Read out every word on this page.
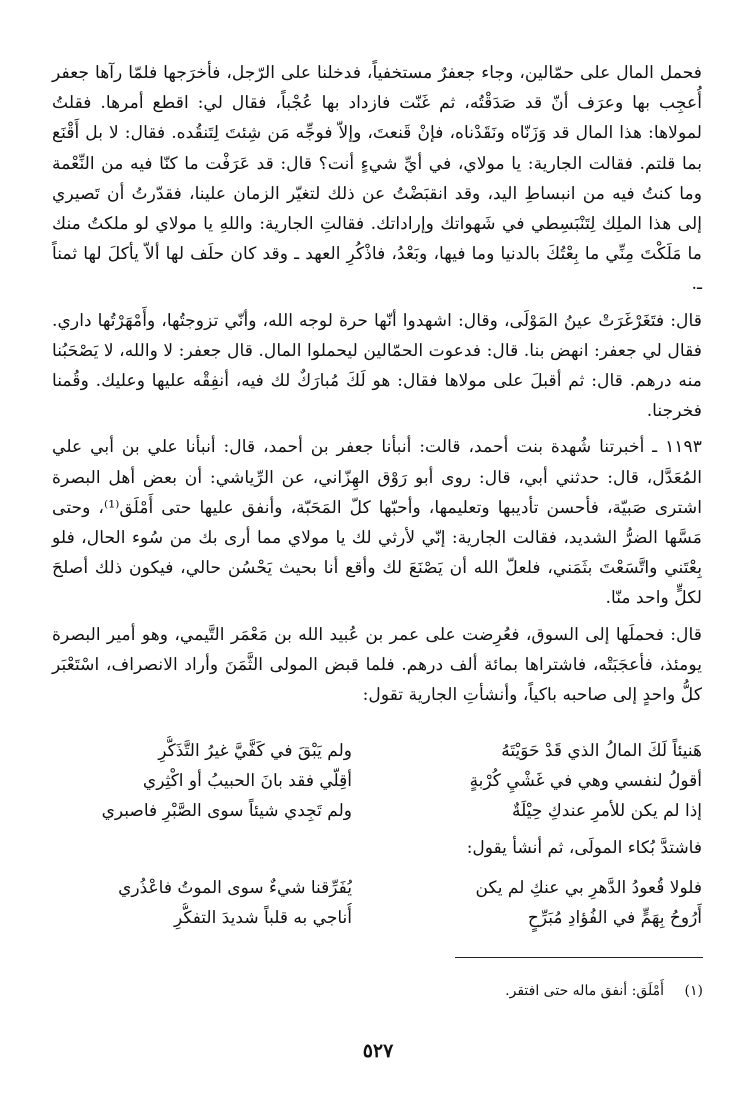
فحمل المال على حمّالين، وجاء جعفرٌ مستخفياً، فدخلنا على الرّجل، فأخرَجها فلمّا رآها جعفر أُعجِب بها وعرَف أنّ قد صَدَقْتُه، ثم غَنّت فازداد بها عُجْباً، فقال لي: اقطع أمرها. فقلتُ لمولاها: هذا المال قد وَزَنّاه ونَقَدْناه، فإنْ قَنعتَ، وإلاّ فوجِّه مَن شِئتَ لِتَنقُده. فقال: لا بل أَقْنَع بما قلتم. فقالت الجارية: يا مولاي، في أيِّ شيءٍ أنت؟ قال: قد عَرَفْت ما كنّا فيه من النِّعْمة وما كنتُ فيه من انبساطِ اليد، وقد انقبَضْتُ عن ذلك لتغيّر الزمان علينا، فقدّرتُ أن تَصيري إلى هذا الملِك لِتَنْبَسِطي في شَهواتك وإراداتك. فقالتِ الجارية: واللهِ يا مولاي لو ملكتُ منك ما مَلَكْتَ مِنِّي ما بِعْتُكَ بالدنيا وما فيها، وبَعْدُ، فاذْكُرِ العهد ـ وقد كان حلَف لها ألاّ يأكلَ لها ثمناً ـ.

قال: فتَغَرْغَرَتْ عينُ المَوْلَى، وقال: اشهدوا أنّها حرة لوجه الله، وأنّي تزوجتُها، وأَمْهَرْتُها داري. فقال لي جعفر: انهض بنا. قال: فدعوت الحمّالين ليحملوا المال. قال جعفر: لا والله، لا يَصْحَبُنا منه درهم. قال: ثم أقبلَ على مولاها فقال: هو لَكَ مُبارَكٌ لك فيه، أنفِقْه عليها وعليك. وقُمنا فخرجنا.

١١٩٣ ـ أخبرتنا شُهدة بنت أحمد، قالت: أنبأنا جعفر بن أحمد، قال: أنبأنا علي بن أبي علي المُعَدَّل، قال: حدثني أبي، قال: روى أبو رَوْق الهِزّاني، عن الرِّياشي: أن بعض أهل البصرة اشترى صَبيّة، فأحسن تأديبها وتعليمها، وأحبّها كلّ المَحَبّة، وأنفق عليها حتى أَمْلَق⁽¹⁾، وحتى مَسَّها الضرُّ الشديد، فقالت الجارية: إنّي لأرثي لك يا مولاي مما أرى بك من سُوء الحال، فلو بِعْتَني واتَّسَعْتَ بثَمَني، فلعلّ الله أن يَصْنَعَ لك وأقع أنا بحيث يَحْسُن حالي، فيكون ذلك أصلحَ لكلٍّ واحد منّا.

قال: فحملَها إلى السوق، فعُرِضت على عمر بن عُبيد الله بن مَعْمَر التَّيمي، وهو أمير البصرة يومئذ، فأعجَبَتْه، فاشتراها بمائة ألف درهم. فلما قبض المولى الثَّمَنَ وأراد الانصراف، اسْتَعْبَر كلُّ واحدٍ إلى صاحبه باكياً، وأنشأتِ الجارية تقول:

هَنيئاً لَكَ المالُ الذي قَدْ حَوَيْتَهُ
ولم يَبْقَ في كَفَّيَّ غيرُ التَّذَكُّرِ
أقولُ لنفسي وهي في غَشْيِ كُرْبةٍ
أقِلّي فقد بانَ الحبيبُ أو اكْثِري
إذا لم يكن للأمرِ عندكِ حِيْلَةٌ
ولم تَجِدي شيئاً سوى الصَّبْرِ فاصبري
فاشتدَّ بُكاء المولَى، ثم أنشأ يقول:
فلولا قُعودُ الدَّهرِ بي عنكِ لم يكن
يُفَرِّقنا شيءٌ سوى الموتُ فاعْذُري
أَرُوحُ بِهَمٍّ في الفُؤادِ مُبَرِّحٍ
أُناجي به قلباً شديدَ التفكُّرِ
(١) أَمْلَق: أنفق ماله حتى افتقر.
٥٢٧
